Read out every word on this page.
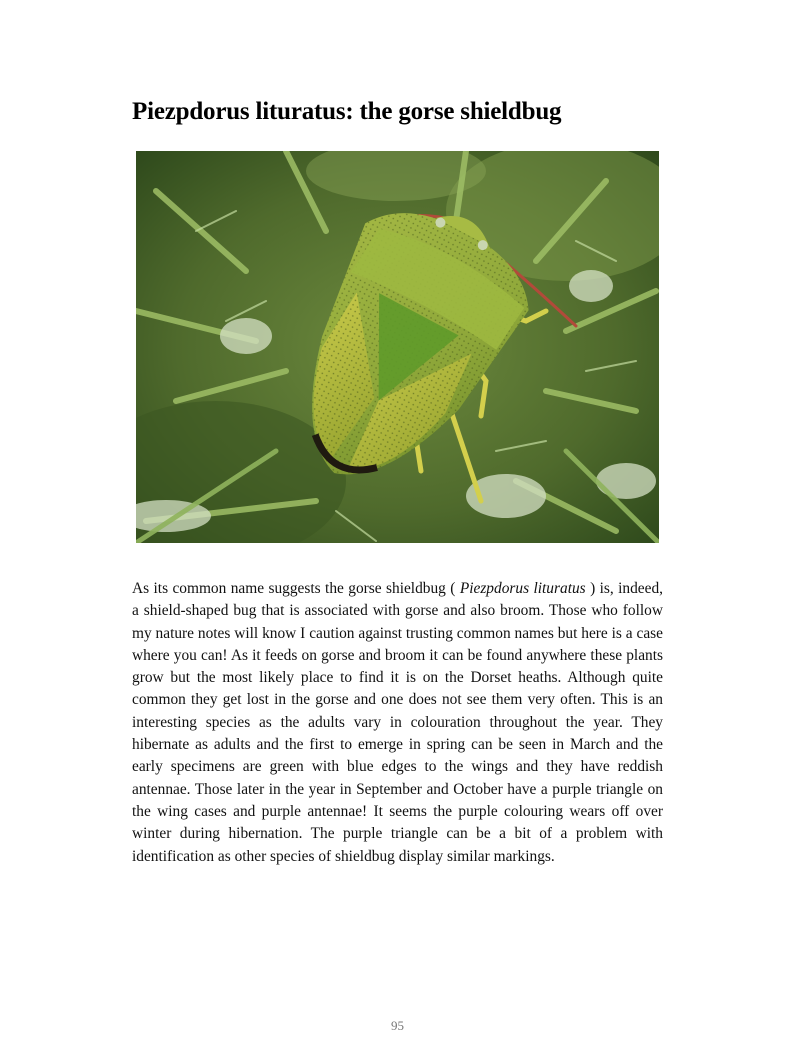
Piezpdorus lituratus: the gorse shieldbug

As its common name suggests the gorse shieldbug ( Piezpdorus lituratus ) is, indeed, a shield-shaped bug that is associated with gorse and also broom. Those who follow my nature notes will know I caution against trusting common names but here is a case where you can! As it feeds on gorse and broom it can be found anywhere these plants grow but the most likely place to find it is on the Dorset heaths. Although quite common they get lost in the gorse and one does not see them very often. This is an interesting species as the adults vary in colouration throughout the year. They hibernate as adults and the first to emerge in spring can be seen in March and the early specimens are green with blue edges to the wings and they have reddish antennae. Those later in the year in September and October have a purple triangle on the wing cases and purple antennae! It seems the purple colouring wears off over winter during hibernation. The purple triangle can be a bit of a problem with identification as other species of shieldbug display similar markings.

95
